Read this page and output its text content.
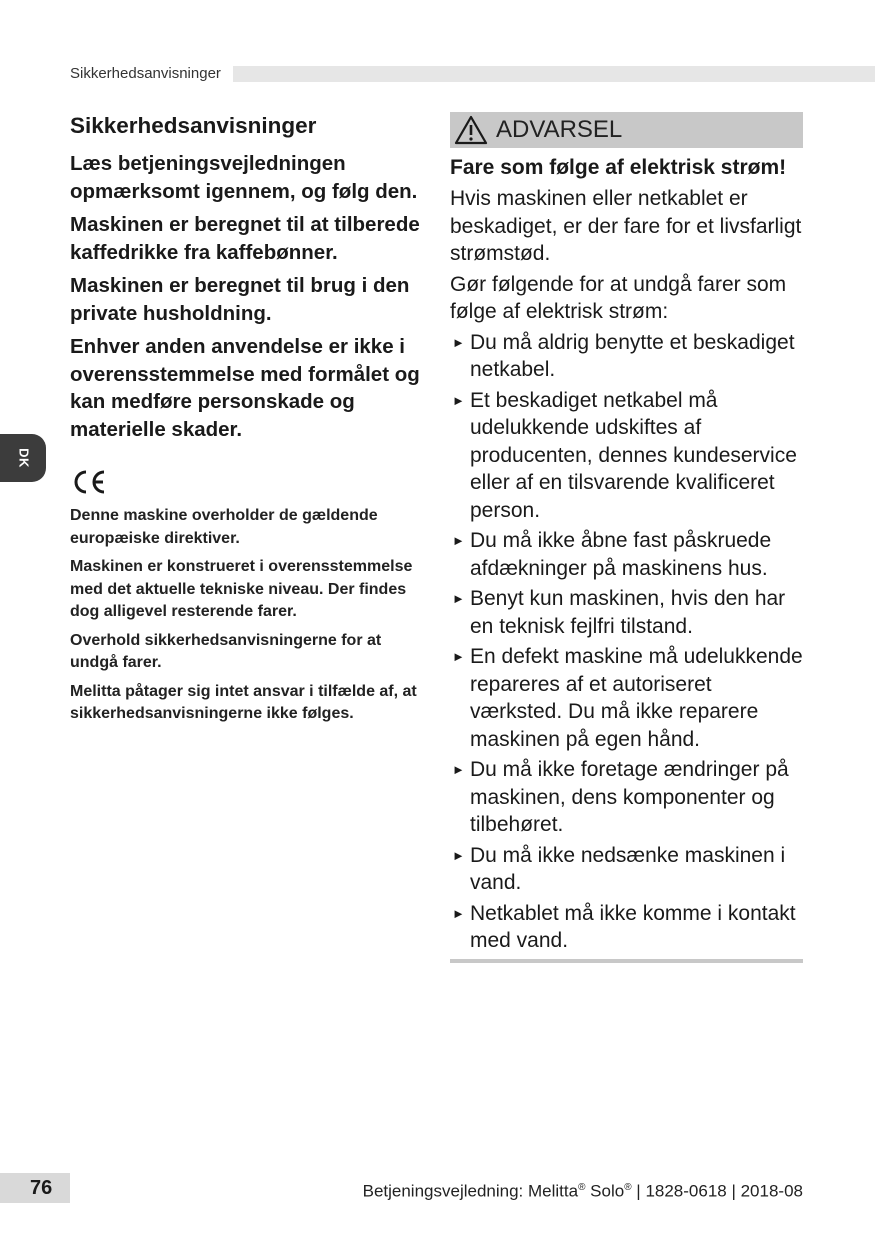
Sikkerhedsanvisninger
DK
Sikkerhedsanvisninger

Læs betjeningsvejledningen opmærksomt igennem, og følg den.

Maskinen er beregnet til at tilberede kaffedrikke fra kaffebønner.

Maskinen er beregnet til brug i den private husholdning.

Enhver anden anvendelse er ikke i overensstemmelse med formålet og kan medføre personskade og materielle skader.

Denne maskine overholder de gældende europæiske direktiver.

Maskinen er konstrueret i overensstemmelse med det aktuelle tekniske niveau. Der findes dog alligevel resterende farer.

Overhold sikkerhedsanvisningerne for at undgå farer.

Melitta påtager sig intet ansvar i tilfælde af, at sikkerhedsanvisningerne ikke følges.

ADVARSEL

Fare som følge af elektrisk strøm!

Hvis maskinen eller netkablet er beskadiget, er der fare for et livsfarligt strømstød.

Gør følgende for at undgå farer som følge af elektrisk strøm:

► Du må aldrig benytte et beskadiget netkabel.
► Et beskadiget netkabel må udelukkende udskiftes af producenten, dennes kundeservice eller af en tilsvarende kvalificeret person.
► Du må ikke åbne fast påskruede afdækninger på maskinens hus.
► Benyt kun maskinen, hvis den har en teknisk fejlfri tilstand.
► En defekt maskine må udelukkende repareres af et autoriseret værksted. Du må ikke reparere maskinen på egen hånd.
► Du må ikke foretage ændringer på maskinen, dens komponenter og tilbehøret.
► Du må ikke nedsænke maskinen i vand.
► Netkablet må ikke komme i kontakt med vand.
76	Betjeningsvejledning: Melitta® Solo® | 1828-0618 | 2018-08
